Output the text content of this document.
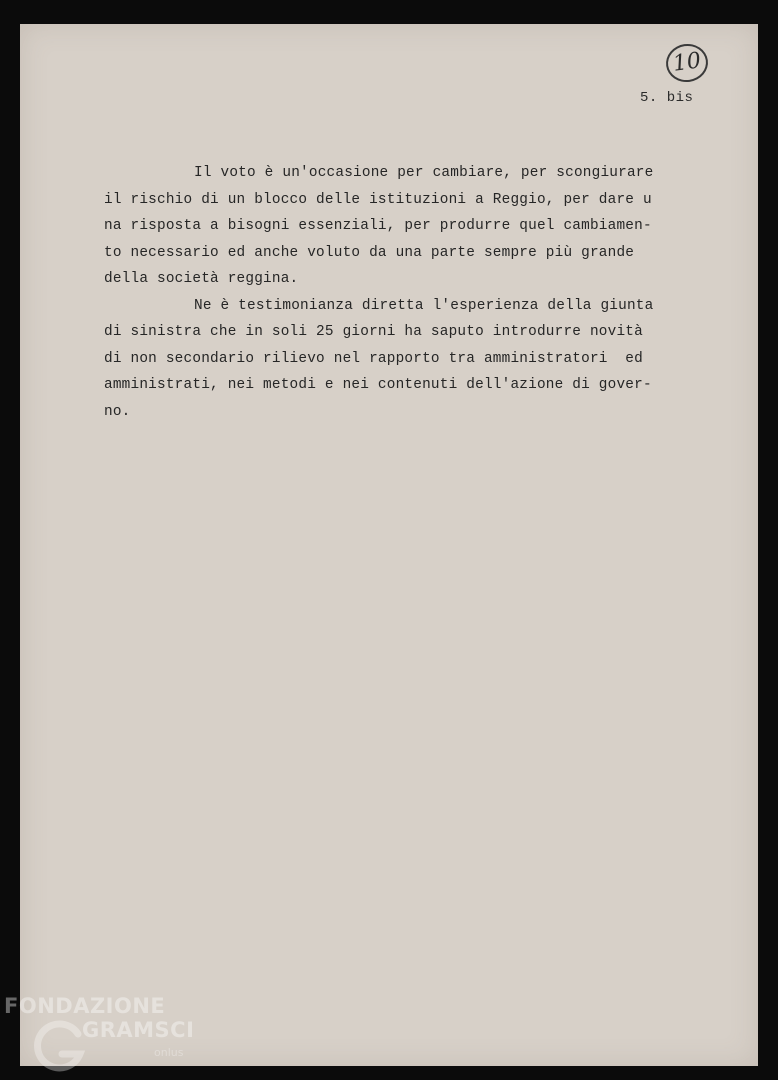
10
5. bis
Il voto è un'occasione per cambiare, per scongiurare
il rischio di un blocco delle istituzioni a Reggio, per dare u
na risposta a bisogni essenziali, per produrre quel cambiamen-
to necessario ed anche voluto da una parte sempre più grande
della società reggina.
Ne è testimonianza diretta l'esperienza della giunta
di sinistra che in soli 25 giorni ha saputo introdurre novità
di non secondario rilievo nel rapporto tra amministratori  ed
amministrati, nei metodi e nei contenuti dell'azione di gover-
no.
FONDAZIONE
GRAMSCI
onlus
